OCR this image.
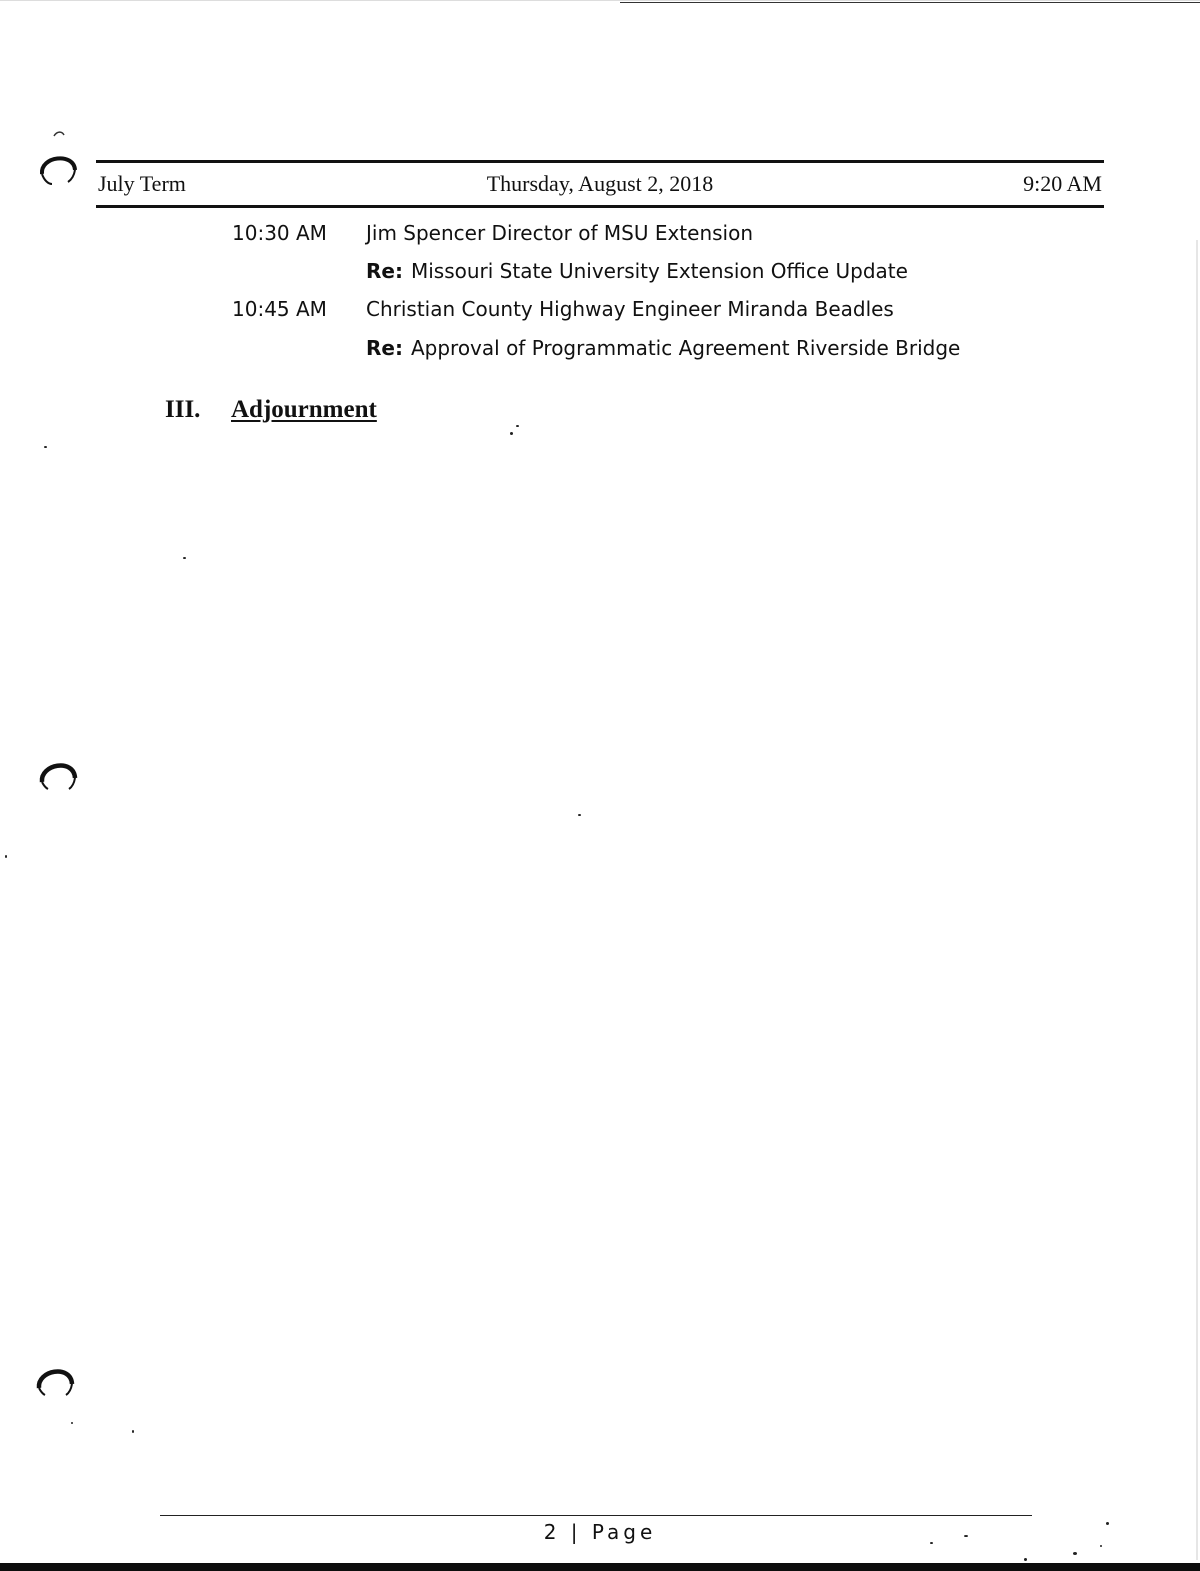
July Term	Thursday, August 2, 2018	9:20 AM
10:30 AM Jim Spencer Director of MSU Extension
Re: Missouri State University Extension Office Update
10:45 AM Christian County Highway Engineer Miranda Beadles
Re: Approval of Programmatic Agreement Riverside Bridge
III. Adjournment
2 | Page
